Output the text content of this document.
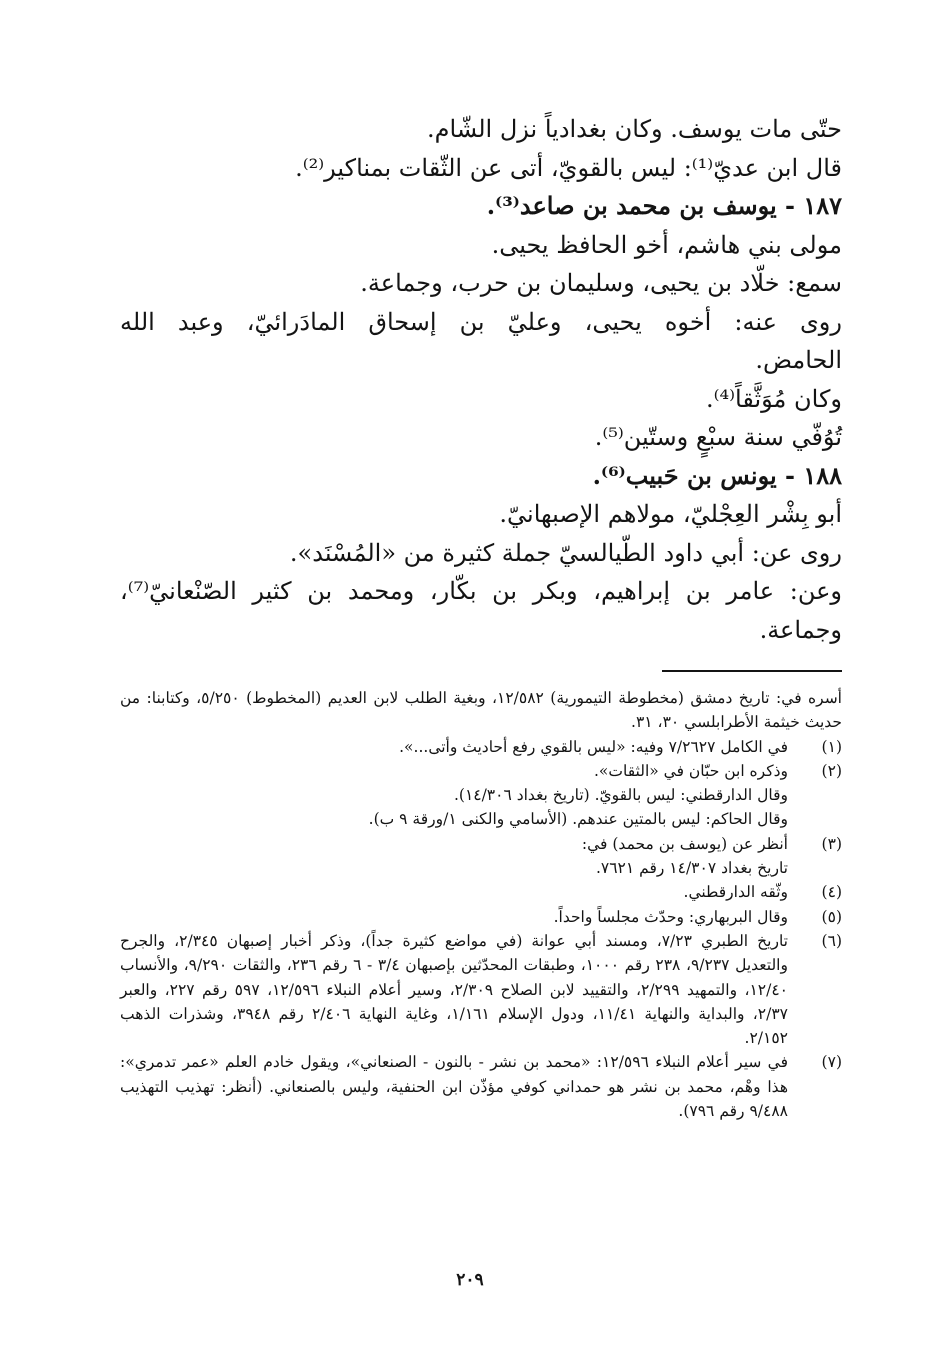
حتّى مات يوسف. وكان بغدادياً نزل الشّام.

قال ابن عديّ⁽¹⁾: ليس بالقويّ، أتى عن الثّقات بمناكير⁽²⁾.

١٨٧ - يوسف بن محمد بن صاعد⁽³⁾.

مولى بني هاشم، أخو الحافظ يحيى.

سمع: خلّاد بن يحيى، وسليمان بن حرب، وجماعة.

روى عنه: أخوه يحيى، وعليّ بن إسحاق المادَرائيّ، وعبد الله

الحامض.

وكان مُوَثَّقاً⁽⁴⁾.

تُوُفّي سنة سبْعٍ وستّين⁽⁵⁾.

١٨٨ - يونس بن حَبيب⁽⁶⁾.

أبو بِشْر العِجْليّ، مولاهم الإصبهانيّ.

روى عن: أبي داود الطّيالسيّ جملة كثيرة من «المُسْنَد».

وعن: عامر بن إبراهيم، وبكر بن بكّار، ومحمد بن كثير الصّنْعانيّ⁽⁷⁾،

وجماعة.

أسره في: تاريخ دمشق (مخطوطة التيمورية) ١٢/٥٨٢، وبغية الطلب لابن العديم (المخطوط) ٥/٢٥٠، وكتابنا: من حديث خيثمة الأطرابلسي ٣٠، ٣١.

(١)

في الكامل ٧/٢٦٢٧ وفيه: «ليس بالقوي رفع أحاديث وأتى...».

(٢)

وذكره ابن حبّان في «الثقات».

وقال الدارقطني: ليس بالقويّ. (تاريخ بغداد ١٤/٣٠٦).

وقال الحاكم: ليس بالمتين عندهم. (الأسامي والكنى ١/ورقة ٩ ب).

(٣)

أنظر عن (يوسف بن محمد) في:

تاريخ بغداد ١٤/٣٠٧ رقم ٧٦٢١.

(٤)

وثّقه الدارقطني.

(٥)

وقال البربهاري: وحدّث مجلساً واحداً.

(٦)
تاريخ الطبري ٧/٢٣، ومسند أبي عوانة (في مواضع كثيرة جداً)، وذكر أخبار إصبهان ٢/٣٤٥، والجرح والتعديل ٩/٢٣٧، ٢٣٨ رقم ١٠٠٠، وطبقات المحدّثين بإصبهان ٣/٤ - ٦ رقم ٢٣٦، والثقات ٩/٢٩٠، والأنساب ١٢/٤٠، والتمهيد ٢/٢٩٩، والتقييد لابن الصلاح ٢/٣٠٩، وسير أعلام النبلاء ١٢/٥٩٦، ٥٩٧ رقم ٢٢٧، والعبر ٢/٣٧، والبداية والنهاية ١١/٤١، ودول الإسلام ١/١٦١، وغاية النهاية ٢/٤٠٦ رقم ٣٩٤٨، وشذرات الذهب ٢/١٥٢.
(٧)
في سير أعلام النبلاء ١٢/٥٩٦: «محمد بن نشر - بالنون - الصنعاني»، ويقول خادم العلم «عمر تدمري»: هذا وهْم، محمد بن نشر هو حمداني كوفي مؤذّن ابن الحنفية، وليس بالصنعاني. (أنظر: تهذيب التهذيب ٩/٤٨٨ رقم ٧٩٦).
٢٠٩
